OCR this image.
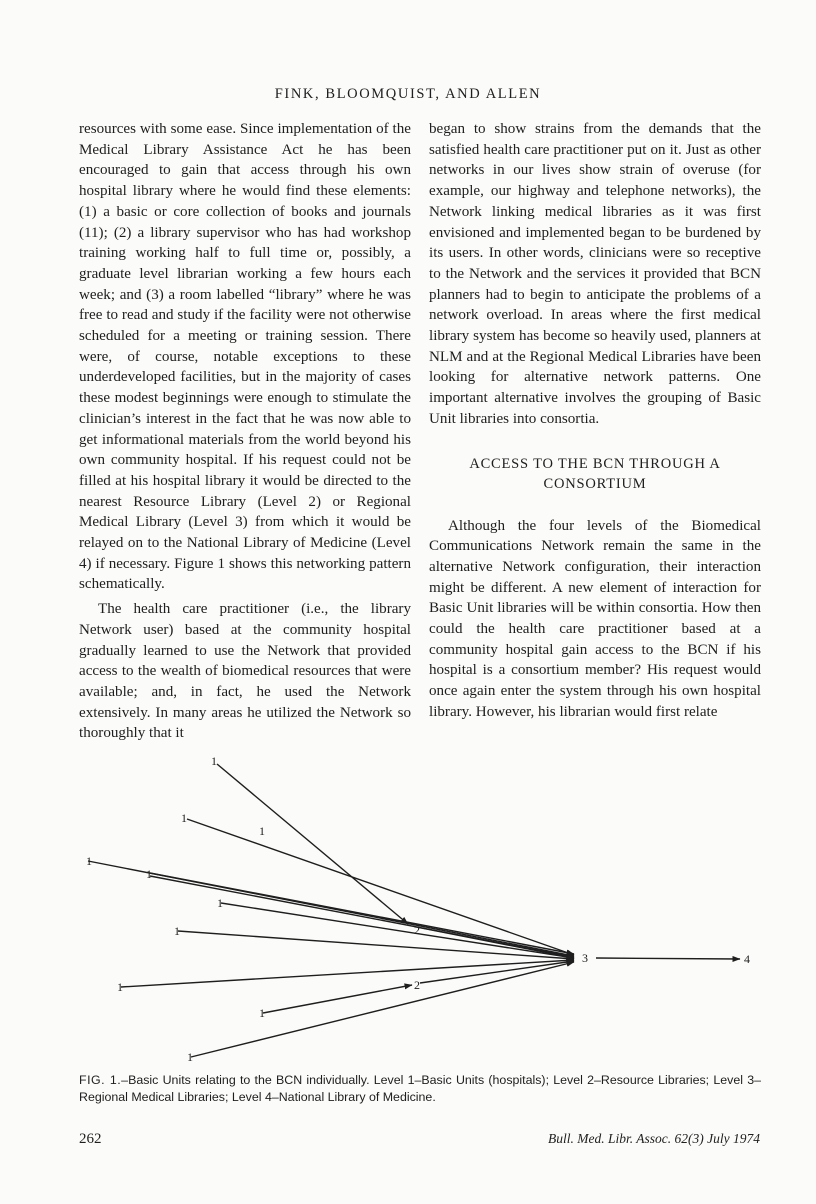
FINK, BLOOMQUIST, AND ALLEN

resources with some ease. Since implementation of the Medical Library Assistance Act he has been encouraged to gain that access through his own hospital library where he would find these elements: (1) a basic or core collection of books and journals (11); (2) a library supervisor who has had workshop training working half to full time or, possibly, a graduate level librarian working a few hours each week; and (3) a room labelled “library” where he was free to read and study if the facility were not otherwise scheduled for a meeting or training session. There were, of course, notable exceptions to these underdeveloped facilities, but in the majority of cases these modest beginnings were enough to stimulate the clinician’s interest in the fact that he was now able to get informational materials from the world beyond his own community hospital. If his request could not be filled at his hospital library it would be directed to the nearest Resource Library (Level 2) or Regional Medical Library (Level 3) from which it would be relayed on to the National Library of Medicine (Level 4) if necessary. Figure 1 shows this networking pattern schematically.

The health care practitioner (i.e., the library Network user) based at the community hospital gradually learned to use the Network that provided access to the wealth of biomedical resources that were available; and, in fact, he used the Network extensively. In many areas he utilized the Network so thoroughly that it

began to show strains from the demands that the satisfied health care practitioner put on it. Just as other networks in our lives show strain of overuse (for example, our highway and telephone networks), the Network linking medical libraries as it was first envisioned and implemented began to be burdened by its users. In other words, clinicians were so receptive to the Network and the services it provided that BCN planners had to begin to anticipate the problems of a network overload. In areas where the first medical library system has become so heavily used, planners at NLM and at the Regional Medical Libraries have been looking for alternative network patterns. One important alternative involves the grouping of Basic Unit libraries into consortia.

ACCESS TO THE BCN THROUGH A
CONSORTIUM

Although the four levels of the Biomedical Communications Network remain the same in the alternative Network configuration, their interaction might be different. A new element of interaction for Basic Unit libraries will be within consortia. How then could the health care practitioner based at a community hospital gain access to the BCN if his hospital is a consortium member? His request would once again enter the system through his own hospital library. However, his librarian would first relate

1
1
1
1
1
1
1
1
1
1
2
2
3	4
FIG. 1.–Basic Units relating to the BCN individually. Level 1–Basic Units (hospitals); Level 2–Resource Libraries; Level 3–Regional Medical Libraries; Level 4–National Library of Medicine.
262	Bull. Med. Libr. Assoc. 62(3) July 1974
